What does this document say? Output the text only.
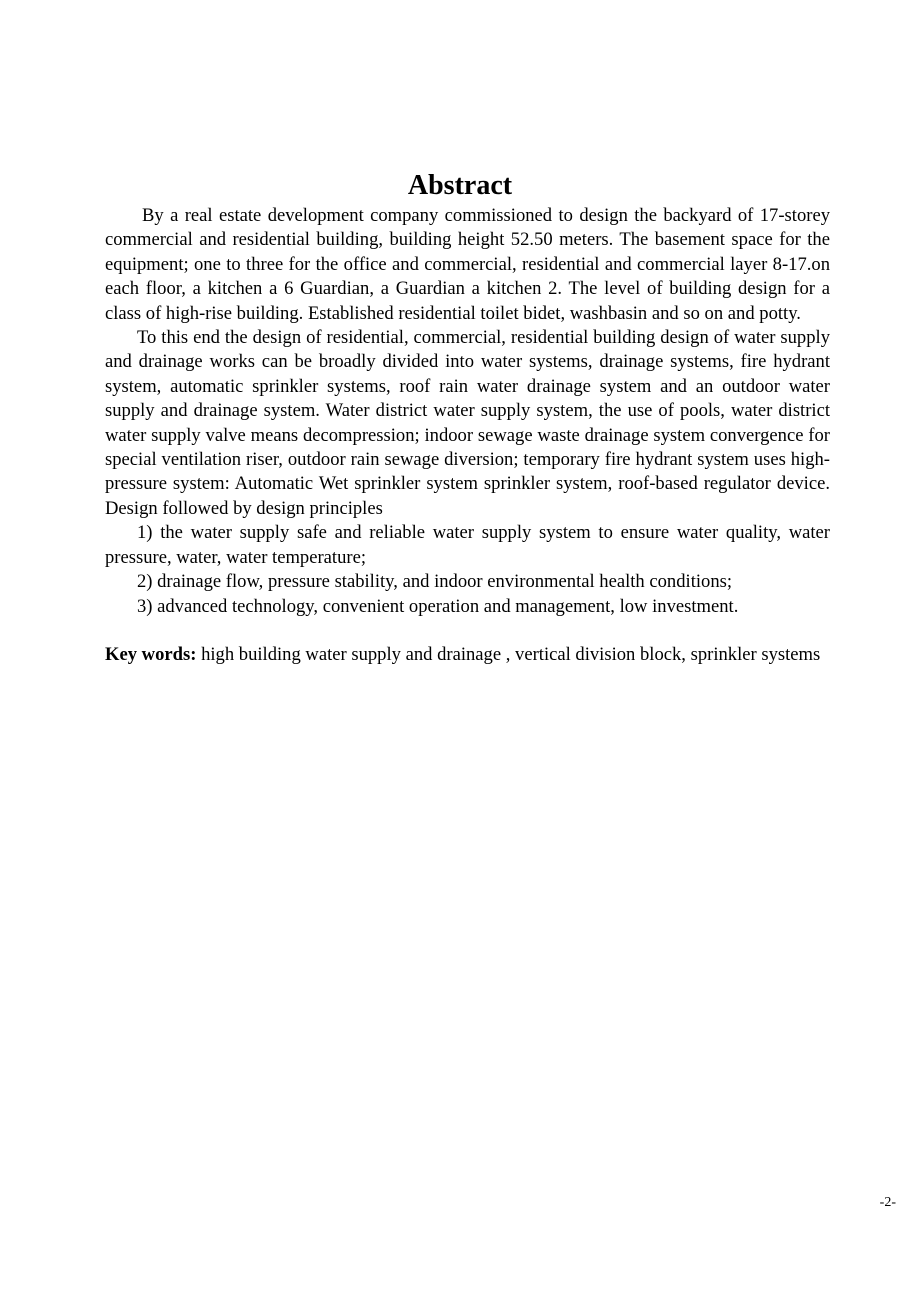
Abstract

By a real estate development company commissioned to design the backyard of 17-storey commercial and residential building, building height 52.50 meters. The basement space for the equipment; one to three for the office and commercial, residential and commercial layer 8-17.on each floor, a kitchen a 6 Guardian, a Guardian a kitchen 2. The level of building design for a class of high-rise building. Established residential toilet bidet, washbasin and so on and potty.

To this end the design of residential, commercial, residential building design of water supply and drainage works can be broadly divided into water systems, drainage systems, fire hydrant system, automatic sprinkler systems, roof rain water drainage system and an outdoor water supply and drainage system. Water district water supply system, the use of pools, water district water supply valve means decompression; indoor sewage waste drainage system convergence for special ventilation riser, outdoor rain sewage diversion; temporary fire hydrant system uses high-pressure system: Automatic Wet sprinkler system sprinkler system, roof-based regulator device. Design followed by design principles

1) the water supply safe and reliable water supply system to ensure water quality, water pressure, water, water temperature;

2) drainage flow, pressure stability, and indoor environmental health conditions;

3) advanced technology, convenient operation and management, low investment.

Key words: high building water supply and drainage , vertical division block, sprinkler systems

-2-
